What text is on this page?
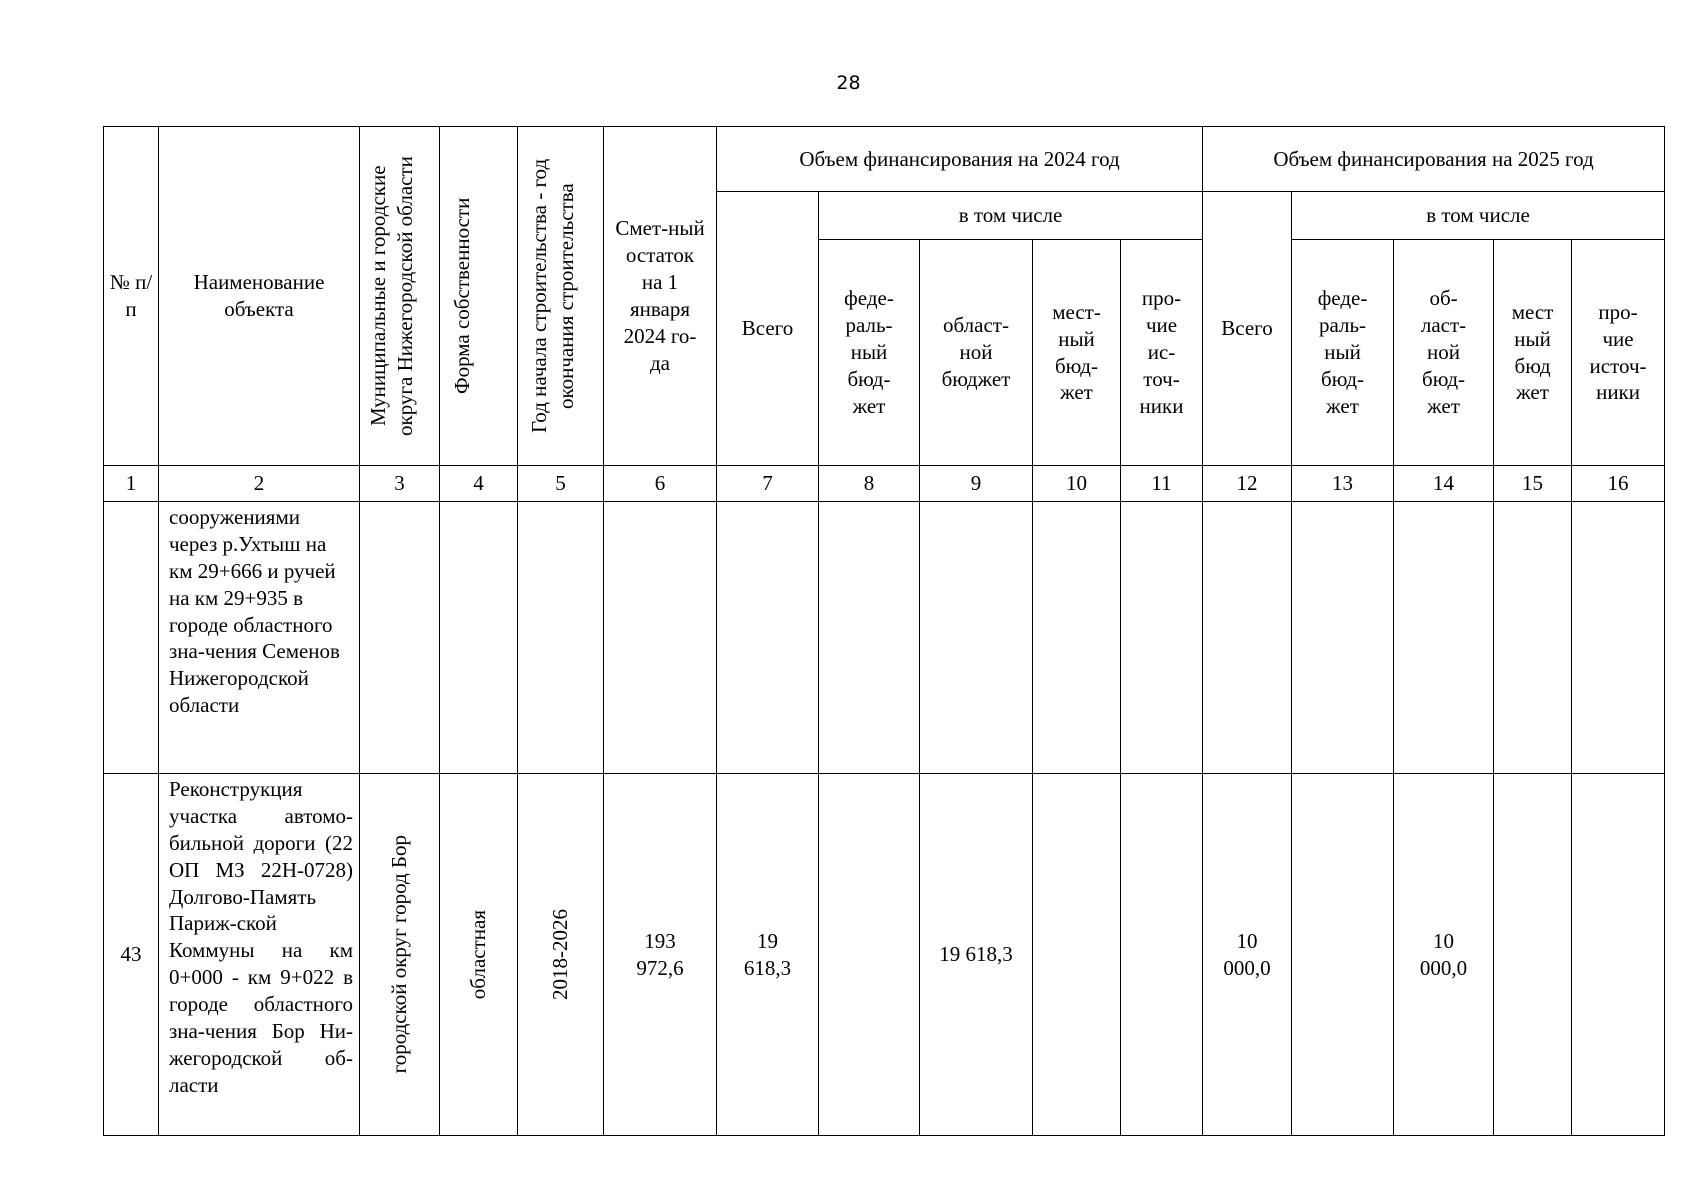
28
№ п/п	Наименование объекта	Муниципальные и городские округа Нижегородской области	Форма собственности	Год начала строительства - год окончания строительства	Смет-ный остаток на 1 января 2024 го-да	Объем финансирования на 2024 год					Объем финансирования на 2025 год				
						Всего	в том числе				Всего	в том числе			

							феде-раль-ный бюд-жет	област-ной бюджет	мест-ный бюд-жет	про-чие ис-точ-ники		феде-раль-ный бюд-жет	об-ласт-ной бюд-жет	мест ный бюд жет	про-чие источ-ники

1	2	3	4	5	6	7	8	9	10	11	12	13	14	15	16

	сооружениями через р.Ухтыш на км 29+666 и ручей на км 29+935 в городе областного зна-чения Семенов Нижегородской области														

43	Реконструкция участка автомо-бильной дороги (22 ОП МЗ 22Н-0728) Долгово-Память Париж-ской Коммуны на км 0+000 - км 9+022 в городе областного зна-чения Бор Ни-жегородской об-ласти	городской округ город Бор	областная	2018-2026	193 972,6	19 618,3		19 618,3			10 000,0		10 000,0		
